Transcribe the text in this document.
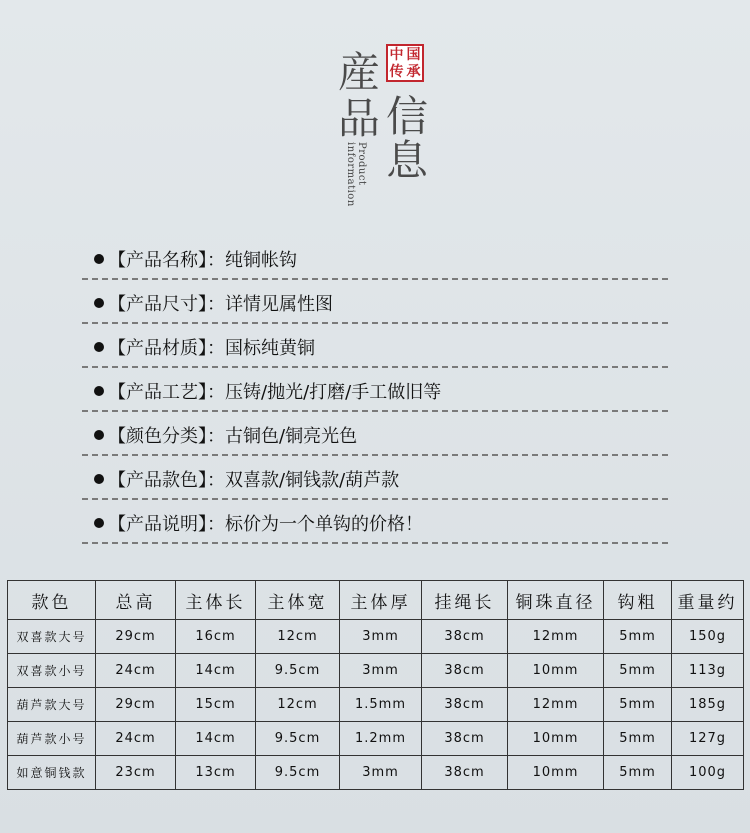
産
品 信
息
中 国
传 承
Product information
【产品名称】：纯铜帐钩
【产品尺寸】：详情见属性图
【产品材质】：国标纯黄铜
【产品工艺】：压铸/抛光/打磨/手工做旧等
【颜色分类】：古铜色/铜亮光色
【产品款色】：双喜款/铜钱款/葫芦款
【产品说明】：标价为一个单钩的价格！
款色	总高	主体长	主体宽	主体厚	挂绳长	铜珠直径	钩粗	重量约
双喜款大号	29cm	16cm	12cm	3mm	38cm	12mm	5mm	150g
双喜款小号	24cm	14cm	9.5cm	3mm	38cm	10mm	5mm	113g
葫芦款大号	29cm	15cm	12cm	1.5mm	38cm	12mm	5mm	185g
葫芦款小号	24cm	14cm	9.5cm	1.2mm	38cm	10mm	5mm	127g
如意铜钱款	23cm	13cm	9.5cm	3mm	38cm	10mm	5mm	100g
